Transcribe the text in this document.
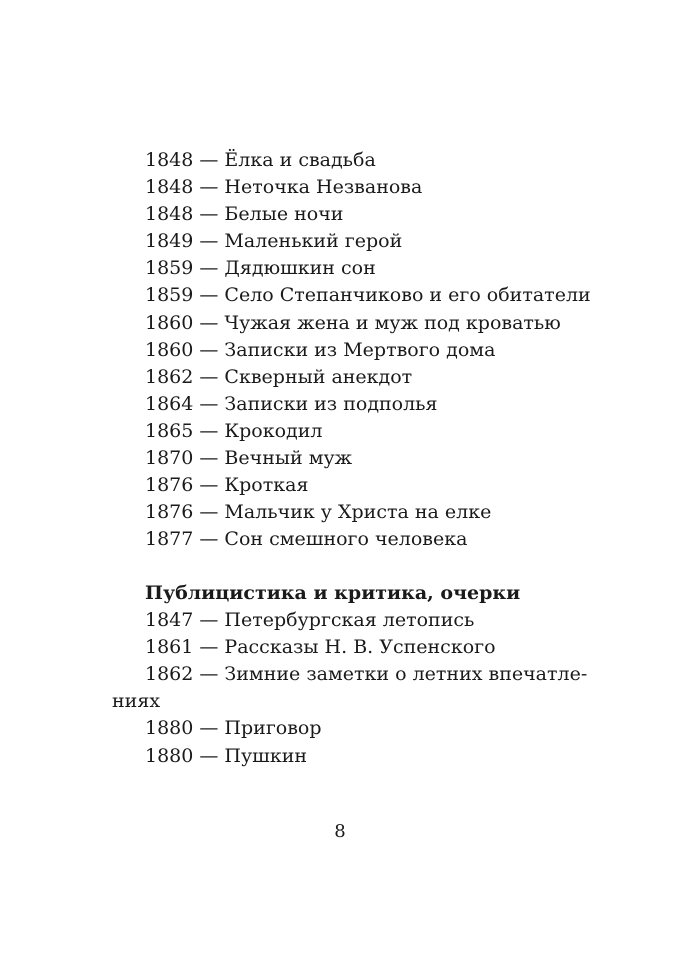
1848 — Ёлка и свадьба
1848 — Неточка Незванова
1848 — Белые ночи
1849 — Маленький герой
1859 — Дядюшкин сон
1859 — Село Степанчиково и его обитатели
1860 — Чужая жена и муж под кроватью
1860 — Записки из Мертвого дома
1862 — Скверный анекдот
1864 — Записки из подполья
1865 — Крокодил
1870 — Вечный муж
1876 — Кроткая
1876 — Мальчик у Христа на елке
1877 — Сон смешного человека
Публицистика и критика, очерки
1847 — Петербургская летопись
1861 — Рассказы Н. В. Успенского
1862 — Зимние заметки о летних впечатле-
ниях
1880 — Приговор
1880 — Пушкин
8
